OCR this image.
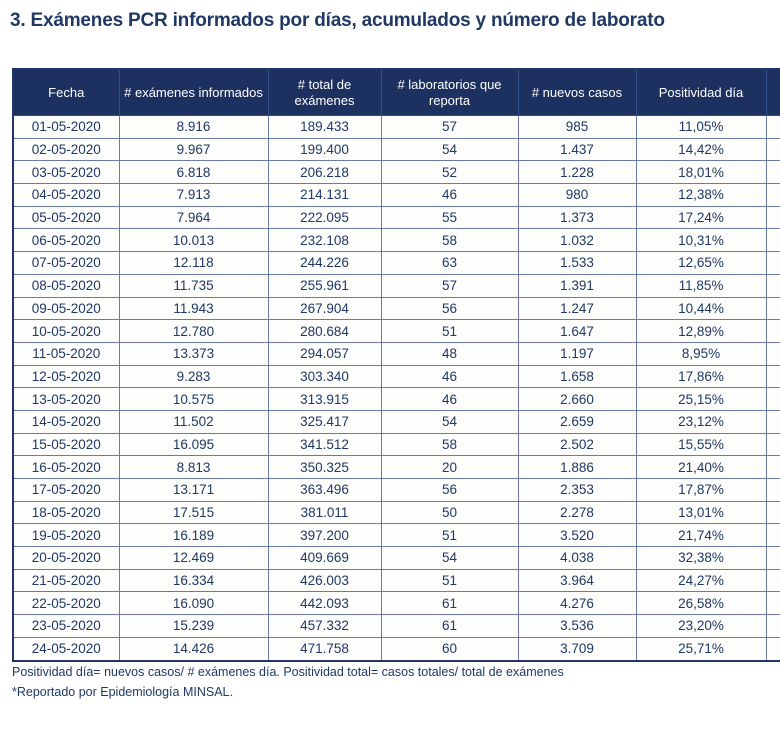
3. Exámenes PCR informados por días, acumulados y número de laborato
Fecha	# exámenes informados	# total de exámenes	# laboratorios que reporta	# nuevos casos	Positividad día	
01-05-2020	8.916	189.433	57	985	11,05%	
02-05-2020	9.967	199.400	54	1.437	14,42%	
03-05-2020	6.818	206.218	52	1.228	18,01%	
04-05-2020	7.913	214.131	46	980	12,38%	
05-05-2020	7.964	222.095	55	1.373	17,24%	
06-05-2020	10.013	232.108	58	1.032	10,31%	
07-05-2020	12.118	244.226	63	1.533	12,65%	
08-05-2020	11.735	255.961	57	1.391	11,85%	
09-05-2020	11.943	267.904	56	1.247	10,44%	
10-05-2020	12.780	280.684	51	1.647	12,89%	
11-05-2020	13.373	294.057	48	1.197	8,95%	
12-05-2020	9.283	303.340	46	1.658	17,86%	
13-05-2020	10.575	313.915	46	2.660	25,15%	
14-05-2020	11.502	325.417	54	2.659	23,12%	
15-05-2020	16.095	341.512	58	2.502	15,55%	
16-05-2020	8.813	350.325	20	1.886	21,40%	
17-05-2020	13.171	363.496	56	2.353	17,87%	
18-05-2020	17.515	381.011	50	2.278	13,01%	
19-05-2020	16.189	397.200	51	3.520	21,74%	
20-05-2020	12.469	409.669	54	4.038	32,38%	
21-05-2020	16.334	426.003	51	3.964	24,27%	
22-05-2020	16.090	442.093	61	4.276	26,58%	
23-05-2020	15.239	457.332	61	3.536	23,20%	
24-05-2020	14.426	471.758	60	3.709	25,71%	
Positividad día= nuevos casos/ # exámenes día. Positividad total= casos totales/ total de exámenes
*Reportado por Epidemiología MINSAL.
